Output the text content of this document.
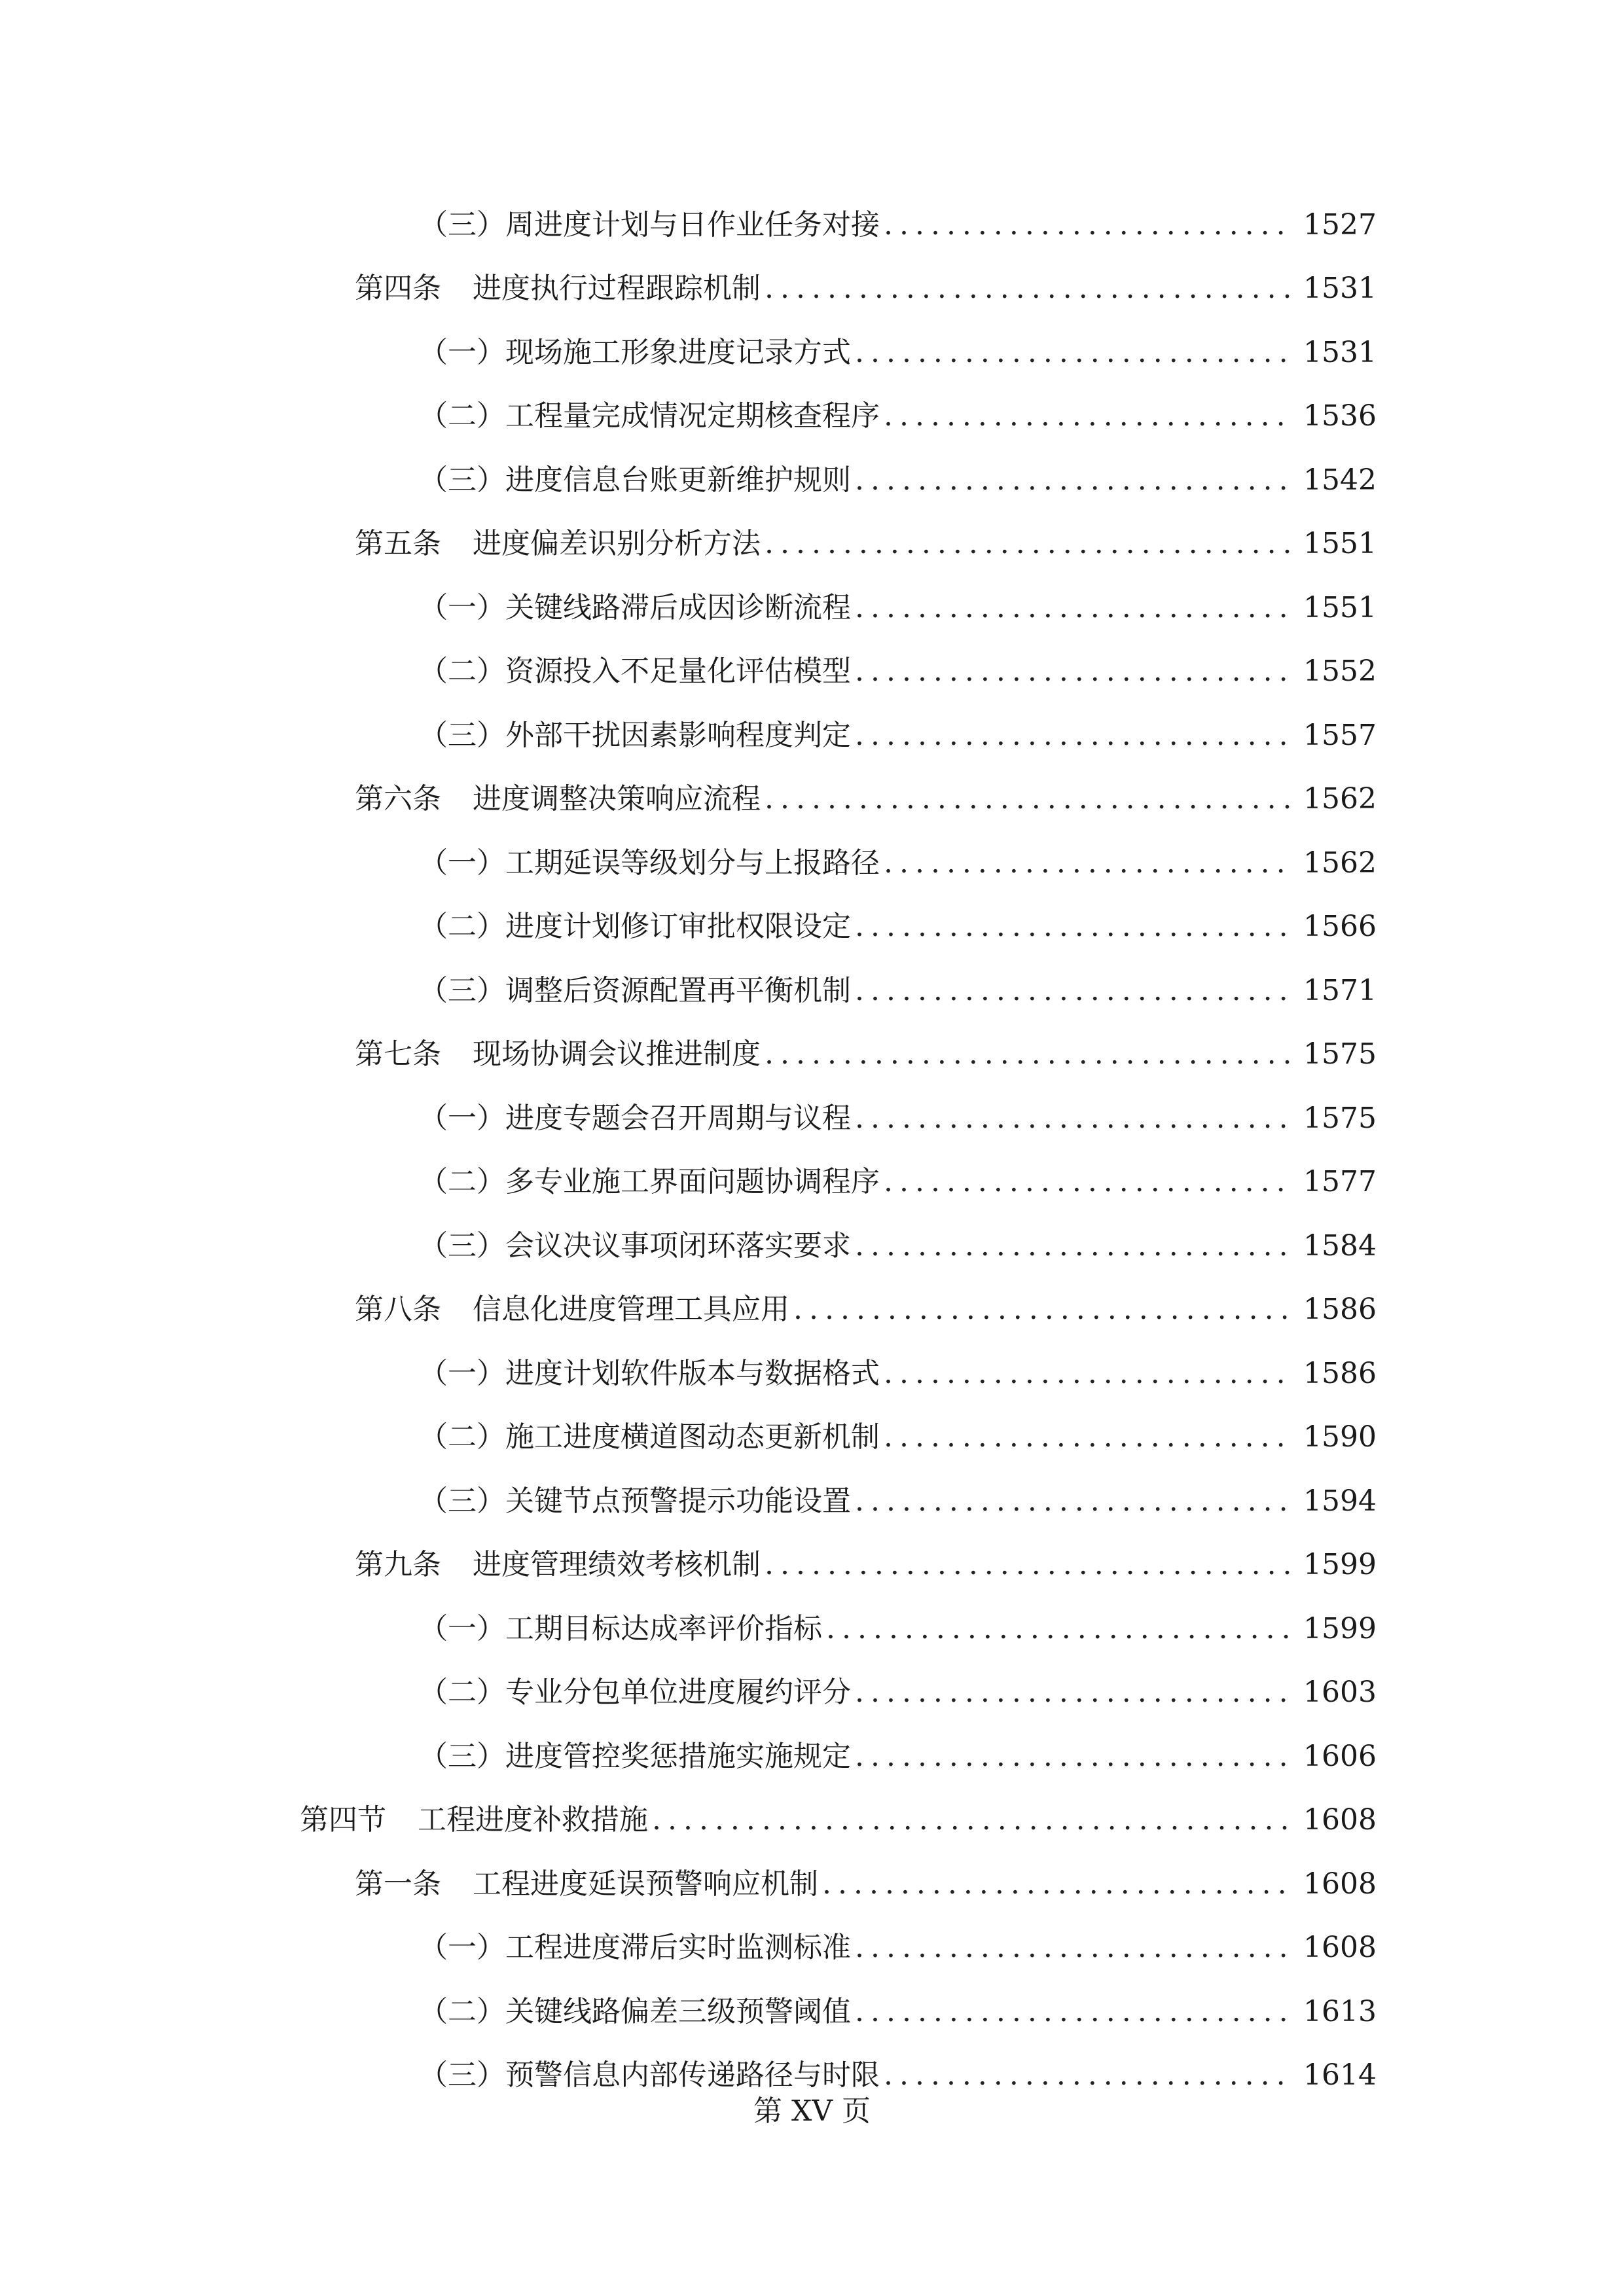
（三）周进度计划与日作业任务对接 .....	1527
第四条 进度执行过程跟踪机制 .....	1531
（一）现场施工形象进度记录方式 .....	1531
（二）工程量完成情况定期核查程序 .....	1536
（三）进度信息台账更新维护规则 .....	1542
第五条 进度偏差识别分析方法 .....	1551
（一）关键线路滞后成因诊断流程 .....	1551
（二）资源投入不足量化评估模型 .....	1552
（三）外部干扰因素影响程度判定 .....	1557
第六条 进度调整决策响应流程 .....	1562
（一）工期延误等级划分与上报路径 .....	1562
（二）进度计划修订审批权限设定 .....	1566
（三）调整后资源配置再平衡机制 .....	1571
第七条 现场协调会议推进制度 .....	1575
（一）进度专题会召开周期与议程 .....	1575
（二）多专业施工界面问题协调程序 .....	1577
（三）会议决议事项闭环落实要求 .....	1584
第八条 信息化进度管理工具应用 .....	1586
（一）进度计划软件版本与数据格式 .....	1586
（二）施工进度横道图动态更新机制 .....	1590
（三）关键节点预警提示功能设置 .....	1594
第九条 进度管理绩效考核机制 .....	1599
（一）工期目标达成率评价指标 .....	1599
（二）专业分包单位进度履约评分 .....	1603
（三）进度管控奖惩措施实施规定 .....	1606
第四节 工程进度补救措施 .....	1608
第一条 工程进度延误预警响应机制 .....	1608
（一）工程进度滞后实时监测标准 .....	1608
（二）关键线路偏差三级预警阈值 .....	1613
（三）预警信息内部传递路径与时限 .....	1614
第 XV 页
